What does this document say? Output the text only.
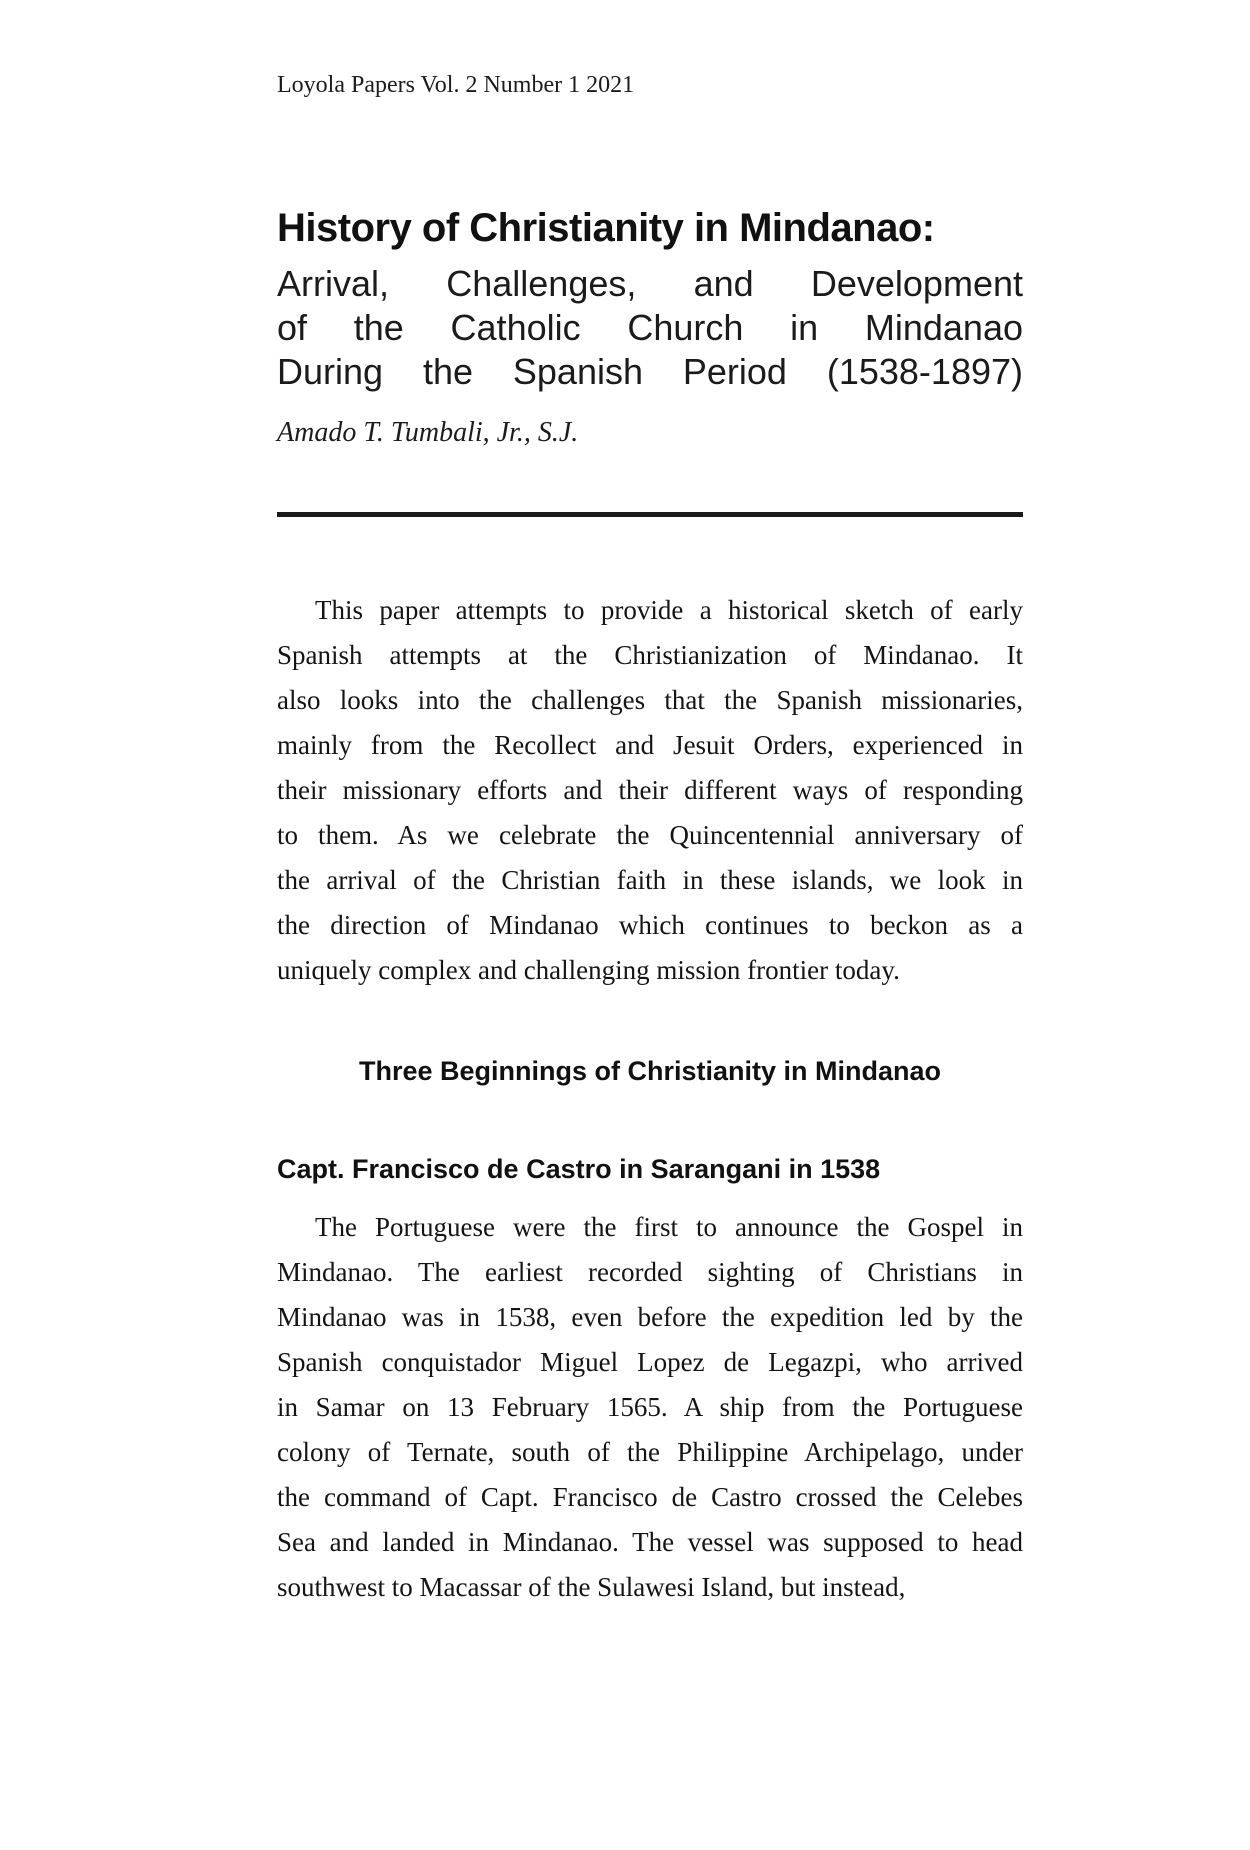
Loyola Papers Vol. 2 Number 1 2021
History of Christianity in Mindanao:
Arrival, Challenges, and Development
of the Catholic Church in Mindanao
During the Spanish Period (1538-1897)
Amado T. Tumbali, Jr., S.J.
This paper attempts to provide a historical sketch of early
Spanish attempts at the Christianization of Mindanao. It
also looks into the challenges that the Spanish missionaries,
mainly from the Recollect and Jesuit Orders, experienced in
their missionary efforts and their different ways of responding
to them. As we celebrate the Quincentennial anniversary of
the arrival of the Christian faith in these islands, we look in
the direction of Mindanao which continues to beckon as a
uniquely complex and challenging mission frontier today.
Three Beginnings of Christianity in Mindanao
Capt. Francisco de Castro in Sarangani in 1538
The Portuguese were the first to announce the Gospel in
Mindanao. The earliest recorded sighting of Christians in
Mindanao was in 1538, even before the expedition led by the
Spanish conquistador Miguel Lopez de Legazpi, who arrived
in Samar on 13 February 1565. A ship from the Portuguese
colony of Ternate, south of the Philippine Archipelago, under
the command of Capt. Francisco de Castro crossed the Celebes
Sea and landed in Mindanao. The vessel was supposed to head
southwest to Macassar of the Sulawesi Island, but instead,
